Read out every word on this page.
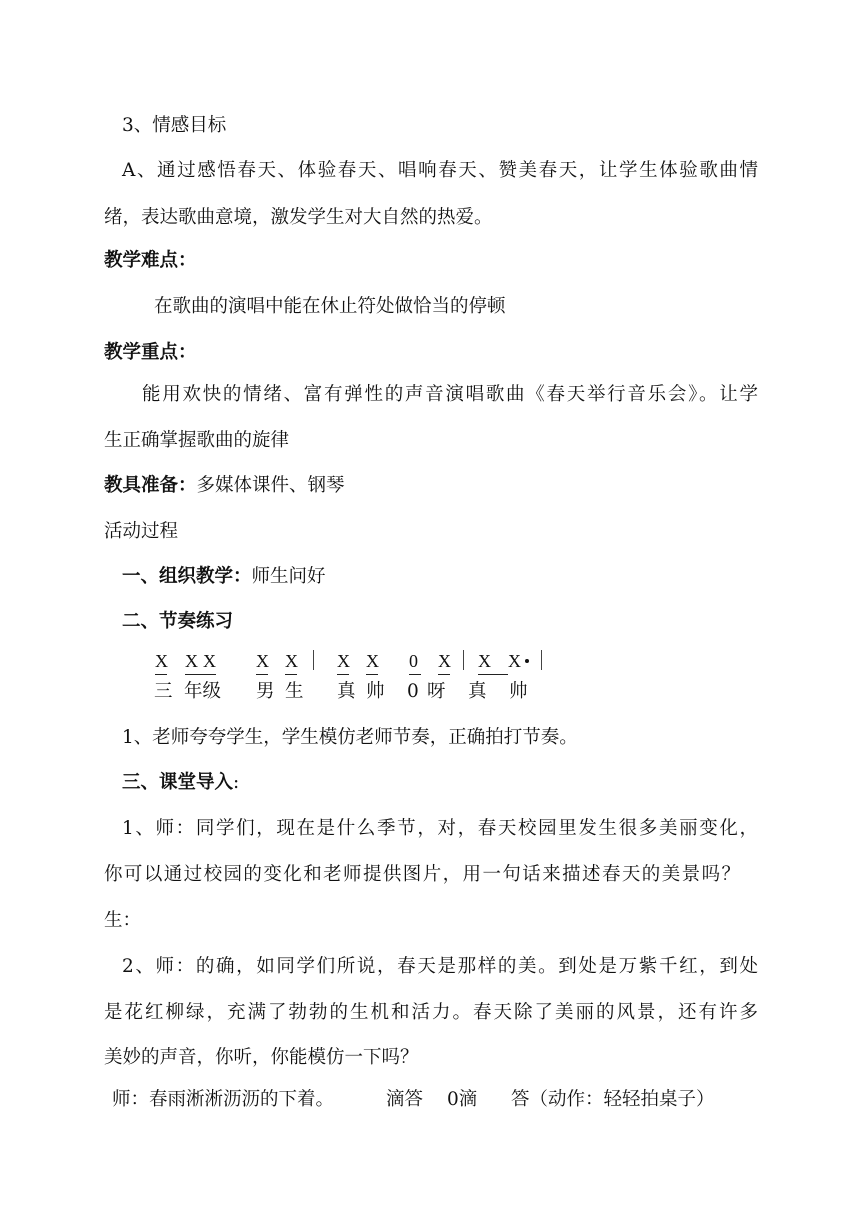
3、情感目标
A、通过感悟春天、体验春天、唱响春天、赞美春天，让学生体验歌曲情
绪，表达歌曲意境，激发学生对大自然的热爱。
教学难点：
在歌曲的演唱中能在休止符处做恰当的停顿
教学重点：
能用欢快的情绪、富有弹性的声音演唱歌曲《春天举行音乐会》。让学
生正确掌握歌曲的旋律
教具准备：多媒体课件、钢琴
活动过程
一、组织教学：师生问好
二、节奏练习
X X X X X X X 0 X X X
三 年级 男 生 真 帅 0 呀 真 帅
1、老师夸夸学生，学生模仿老师节奏，正确拍打节奏。
三、课堂导入:
1、师：同学们，现在是什么季节，对，春天校园里发生很多美丽变化，
你可以通过校园的变化和老师提供图片，用一句话来描述春天的美景吗？
生：
2、师：的确，如同学们所说，春天是那样的美。到处是万紫千红，到处
是花红柳绿，充满了勃勃的生机和活力。春天除了美丽的风景，还有许多
美妙的声音，你听，你能模仿一下吗？
师：春雨淅淅沥沥的下着。	滴答 0滴 答（动作：轻轻拍桌子）
